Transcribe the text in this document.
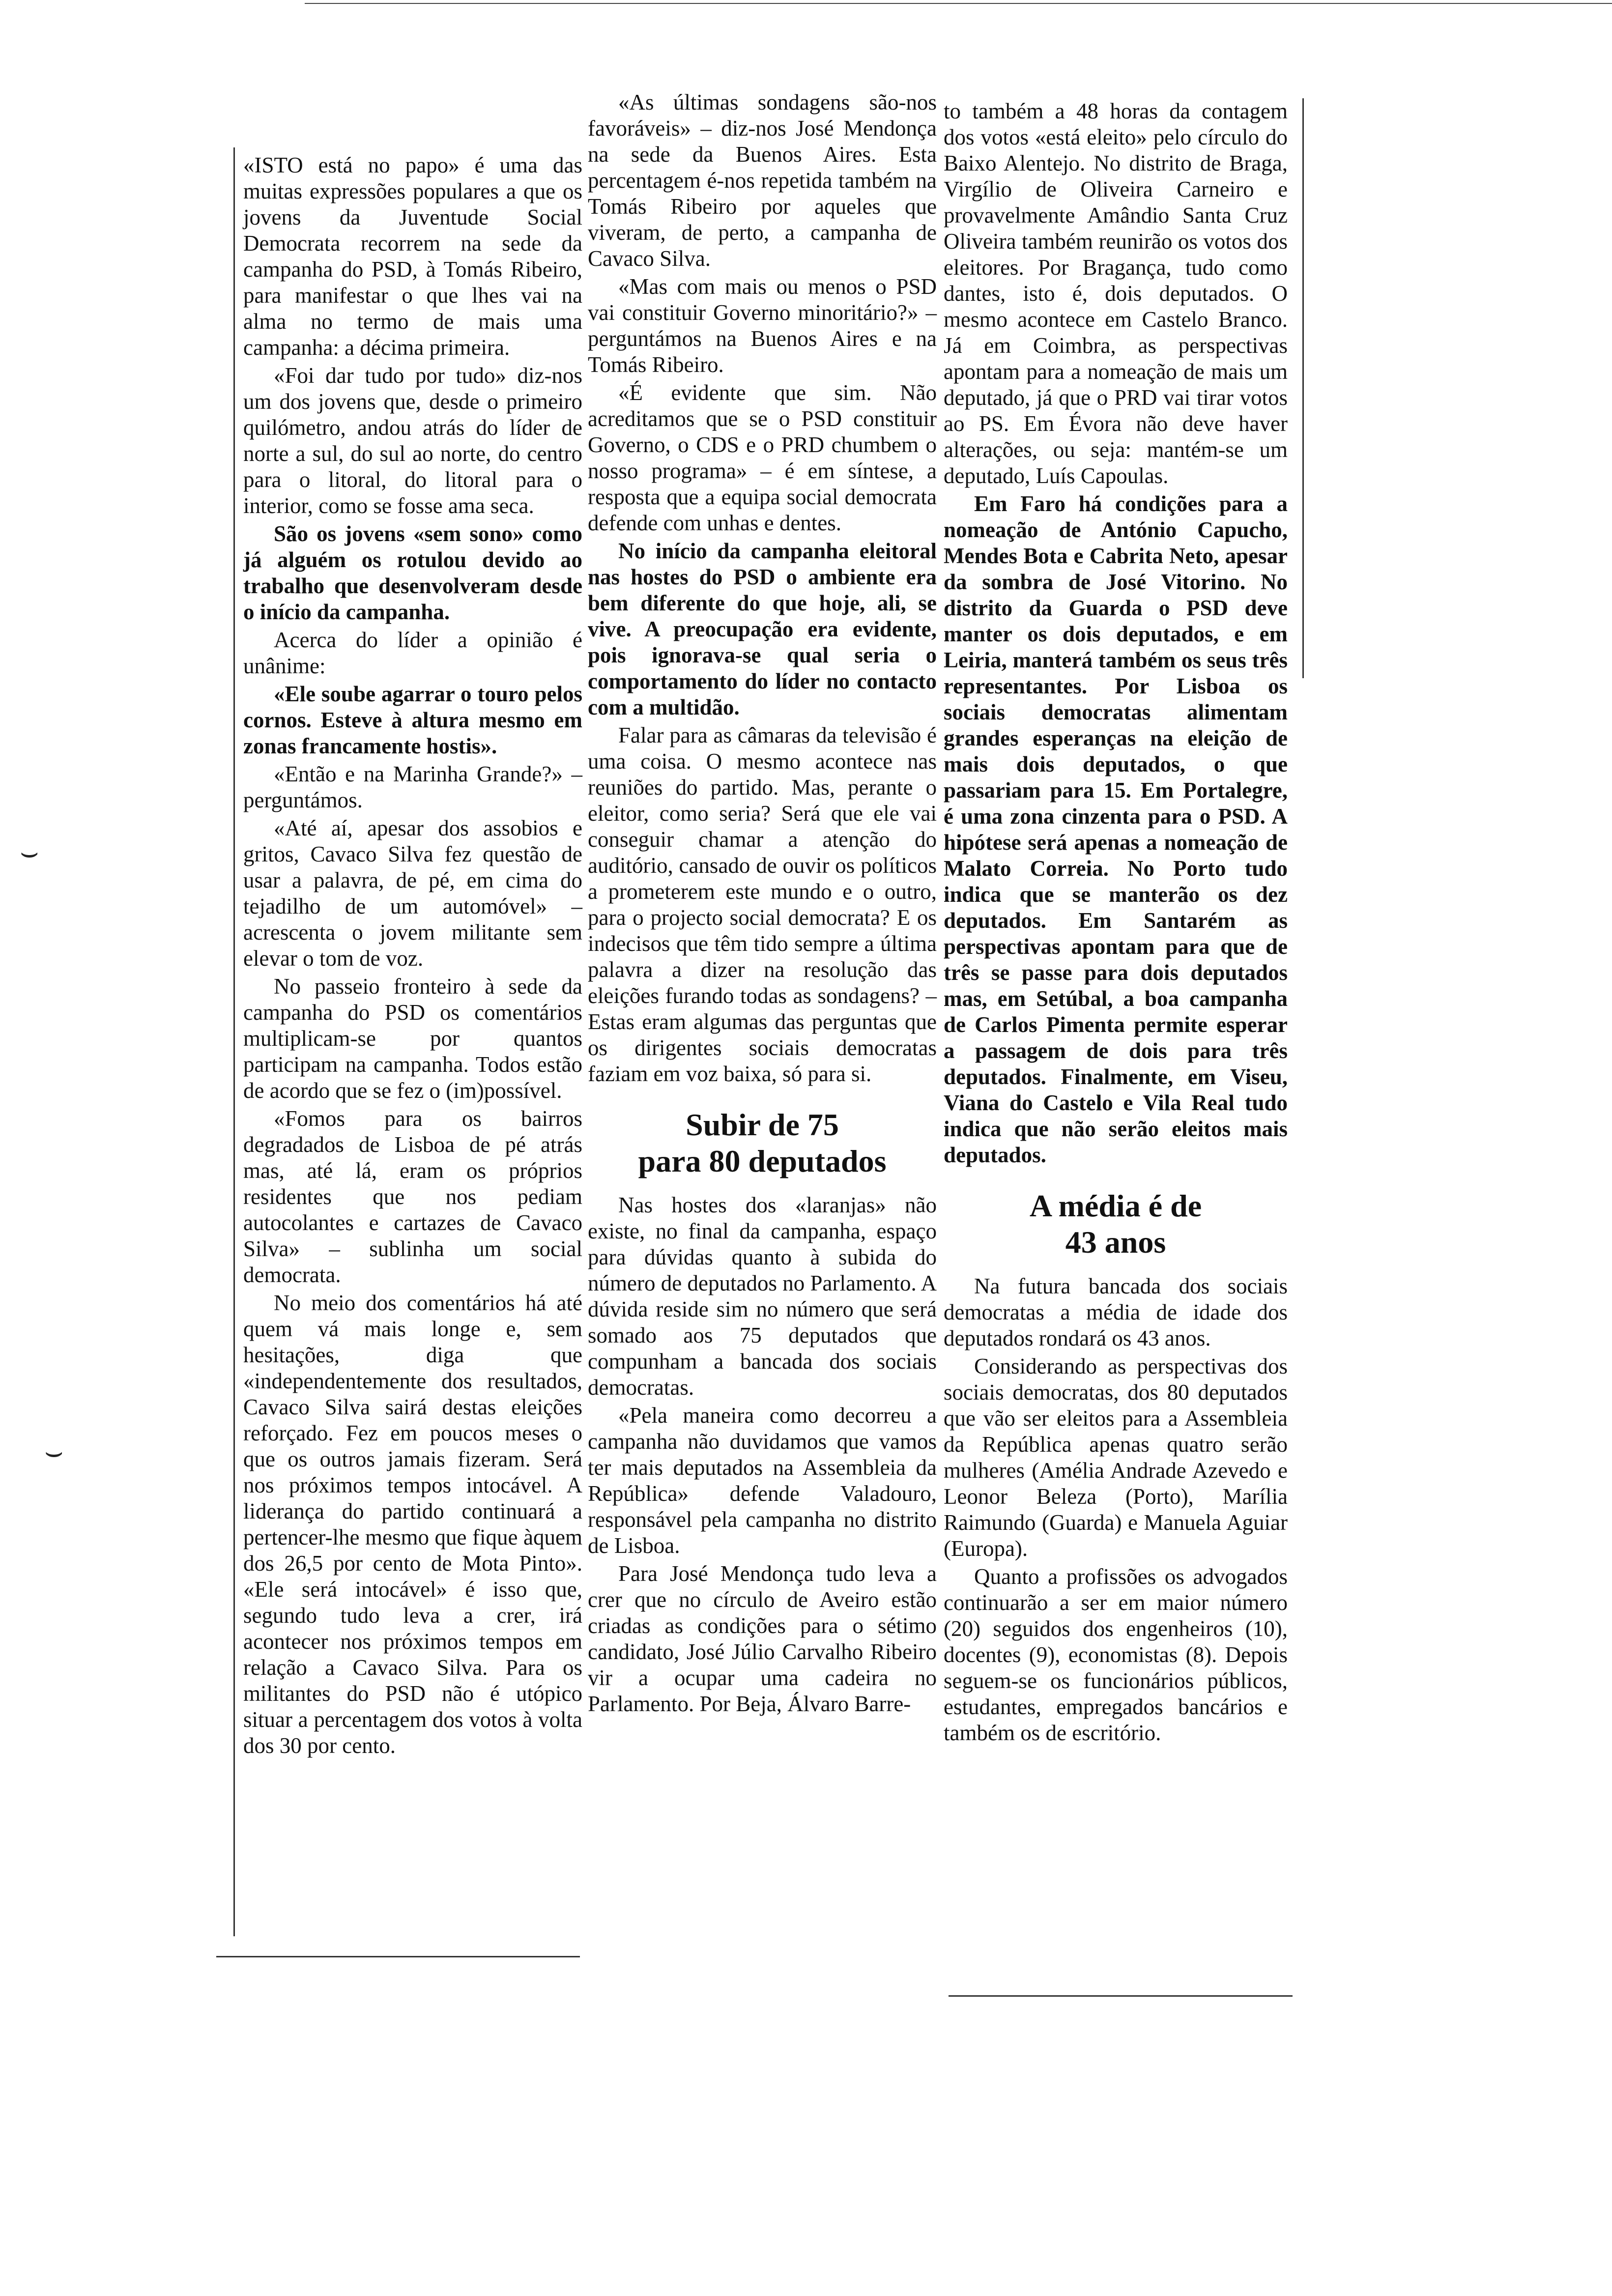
«ISTO está no papo» é uma das muitas expressões populares a que os jovens da Juventude Social Democrata recorrem na sede da campanha do PSD, à Tomás Ribeiro, para manifestar o que lhes vai na alma no termo de mais uma campanha: a décima primeira.

«Foi dar tudo por tudo» diz-nos um dos jovens que, desde o primeiro quilómetro, andou atrás do líder de norte a sul, do sul ao norte, do centro para o litoral, do litoral para o interior, como se fosse ama seca.

São os jovens «sem sono» como já alguém os rotulou devido ao trabalho que desenvolveram desde o início da campanha.

Acerca do líder a opinião é unânime:

«Ele soube agarrar o touro pelos cornos. Esteve à altura mesmo em zonas francamente hostis».

«Então e na Marinha Grande?» – perguntámos.

«Até aí, apesar dos assobios e gritos, Cavaco Silva fez questão de usar a palavra, de pé, em cima do tejadilho de um automóvel» – acrescenta o jovem militante sem elevar o tom de voz.

No passeio fronteiro à sede da campanha do PSD os comentários multiplicam-se por quantos participam na campanha. Todos estão de acordo que se fez o (im)possível.

«Fomos para os bairros degradados de Lisboa de pé atrás mas, até lá, eram os próprios residentes que nos pediam autocolantes e cartazes de Cavaco Silva» – sublinha um social democrata.

No meio dos comentários há até quem vá mais longe e, sem hesitações, diga que «independentemente dos resultados, Cavaco Silva sairá destas eleições reforçado. Fez em poucos meses o que os outros jamais fizeram. Será nos próximos tempos intocável. A liderança do partido continuará a pertencer-lhe mesmo que fique àquem dos 26,5 por cento de Mota Pinto». «Ele será intocável» é isso que, segundo tudo leva a crer, irá acontecer nos próximos tempos em relação a Cavaco Silva. Para os militantes do PSD não é utópico situar a percentagem dos votos à volta dos 30 por cento.

«As últimas sondagens são-nos favoráveis» – diz-nos José Mendonça na sede da Buenos Aires. Esta percentagem é-nos repetida também na Tomás Ribeiro por aqueles que viveram, de perto, a campanha de Cavaco Silva.

«Mas com mais ou menos o PSD vai constituir Governo minoritário?» – perguntámos na Buenos Aires e na Tomás Ribeiro.

«É evidente que sim. Não acreditamos que se o PSD constituir Governo, o CDS e o PRD chumbem o nosso programa» – é em síntese, a resposta que a equipa social democrata defende com unhas e dentes.

No início da campanha eleitoral nas hostes do PSD o ambiente era bem diferente do que hoje, ali, se vive. A preocupação era evidente, pois ignorava-se qual seria o comportamento do líder no contacto com a multidão.

Falar para as câmaras da televisão é uma coisa. O mesmo acontece nas reuniões do partido. Mas, perante o eleitor, como seria? Será que ele vai conseguir chamar a atenção do auditório, cansado de ouvir os políticos a prometerem este mundo e o outro, para o projecto social democrata? E os indecisos que têm tido sempre a última palavra a dizer na resolução das eleições furando todas as sondagens? – Estas eram algumas das perguntas que os dirigentes sociais democratas faziam em voz baixa, só para si.

Subir de 75
para 80 deputados

Nas hostes dos «laranjas» não existe, no final da campanha, espaço para dúvidas quanto à subida do número de deputados no Parlamento. A dúvida reside sim no número que será somado aos 75 deputados que compunham a bancada dos sociais democratas.

«Pela maneira como decorreu a campanha não duvidamos que vamos ter mais deputados na Assembleia da República» defende Valadouro, responsável pela campanha no distrito de Lisboa.

Para José Mendonça tudo leva a crer que no círculo de Aveiro estão criadas as condições para o sétimo candidato, José Júlio Carvalho Ribeiro vir a ocupar uma cadeira no Parlamento. Por Beja, Álvaro Barre-

to também a 48 horas da contagem dos votos «está eleito» pelo círculo do Baixo Alentejo. No distrito de Braga, Virgílio de Oliveira Carneiro e provavelmente Amândio Santa Cruz Oliveira também reunirão os votos dos eleitores. Por Bragança, tudo como dantes, isto é, dois deputados. O mesmo acontece em Castelo Branco. Já em Coimbra, as perspectivas apontam para a nomeação de mais um deputado, já que o PRD vai tirar votos ao PS. Em Évora não deve haver alterações, ou seja: mantém-se um deputado, Luís Capoulas.

Em Faro há condições para a nomeação de António Capucho, Mendes Bota e Cabrita Neto, apesar da sombra de José Vitorino. No distrito da Guarda o PSD deve manter os dois deputados, e em Leiria, manterá também os seus três representantes. Por Lisboa os sociais democratas alimentam grandes esperanças na eleição de mais dois deputados, o que passariam para 15. Em Portalegre, é uma zona cinzenta para o PSD. A hipótese será apenas a nomeação de Malato Correia. No Porto tudo indica que se manterão os dez deputados. Em Santarém as perspectivas apontam para que de três se passe para dois deputados mas, em Setúbal, a boa campanha de Carlos Pimenta permite esperar a passagem de dois para três deputados. Finalmente, em Viseu, Viana do Castelo e Vila Real tudo indica que não serão eleitos mais deputados.

A média é de
43 anos

Na futura bancada dos sociais democratas a média de idade dos deputados rondará os 43 anos.

Considerando as perspectivas dos sociais democratas, dos 80 deputados que vão ser eleitos para a Assembleia da República apenas quatro serão mulheres (Amélia Andrade Azevedo e Leonor Beleza (Porto), Marília Raimundo (Guarda) e Manuela Aguiar (Europa).

Quanto a profissões os advogados continuarão a ser em maior número (20) seguidos dos engenheiros (10), docentes (9), economistas (8). Depois seguem-se os funcionários públicos, estudantes, empregados bancários e também os de escritório.

⌣
⌣
